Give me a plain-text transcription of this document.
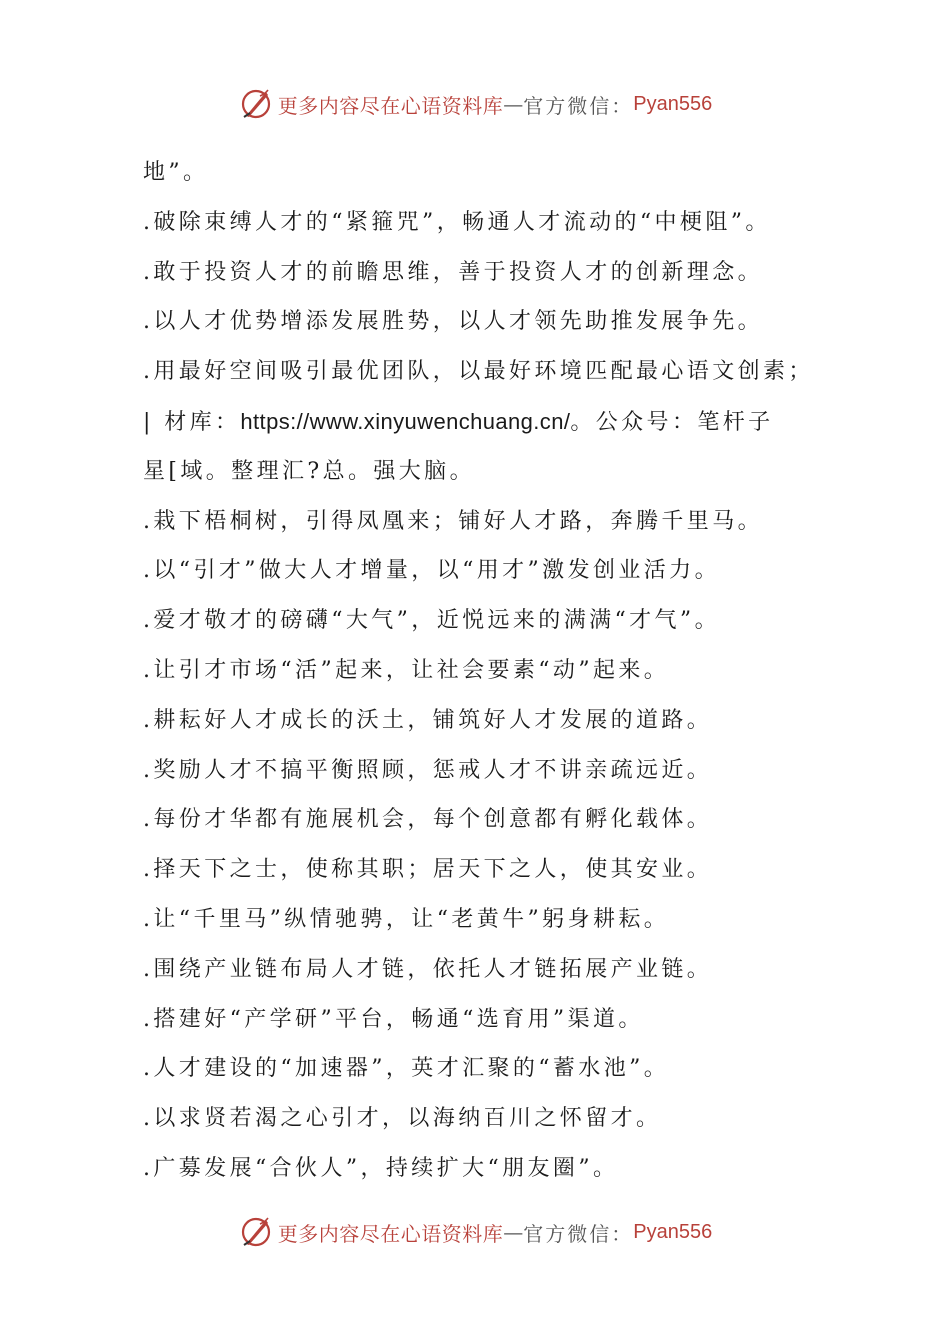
更多内容尽在心语资料库 — 官方微信： Pyan556
地”。
.破除束缚人才的“紧箍咒”，畅通人才流动的“中梗阻”。
.敢于投资人才的前瞻思维，善于投资人才的创新理念。
.以人才优势增添发展胜势，以人才领先助推发展争先。
.用最好空间吸引最优团队，以最好环境匹配最心语文创素；
| 材库：https://www.xinyuwenchuang.cn/。公众号：笔杆子
星[域。整理汇?总。强大脑。
.栽下梧桐树，引得凤凰来；铺好人才路，奔腾千里马。
.以“引才”做大人才增量，以“用才”激发创业活力。
.爱才敬才的磅礴“大气”，近悦远来的满满“才气”。
.让引才市场“活”起来，让社会要素“动”起来。
.耕耘好人才成长的沃土，铺筑好人才发展的道路。
.奖励人才不搞平衡照顾，惩戒人才不讲亲疏远近。
.每份才华都有施展机会，每个创意都有孵化载体。
.择天下之士，使称其职；居天下之人，使其安业。
.让“千里马”纵情驰骋，让“老黄牛”躬身耕耘。
.围绕产业链布局人才链，依托人才链拓展产业链。
.搭建好“产学研”平台，畅通“选育用”渠道。
.人才建设的“加速器”，英才汇聚的“蓄水池”。
.以求贤若渴之心引才，以海纳百川之怀留才。
.广募发展“合伙人”，持续扩大“朋友圈”。
更多内容尽在心语资料库 — 官方微信： Pyan556
